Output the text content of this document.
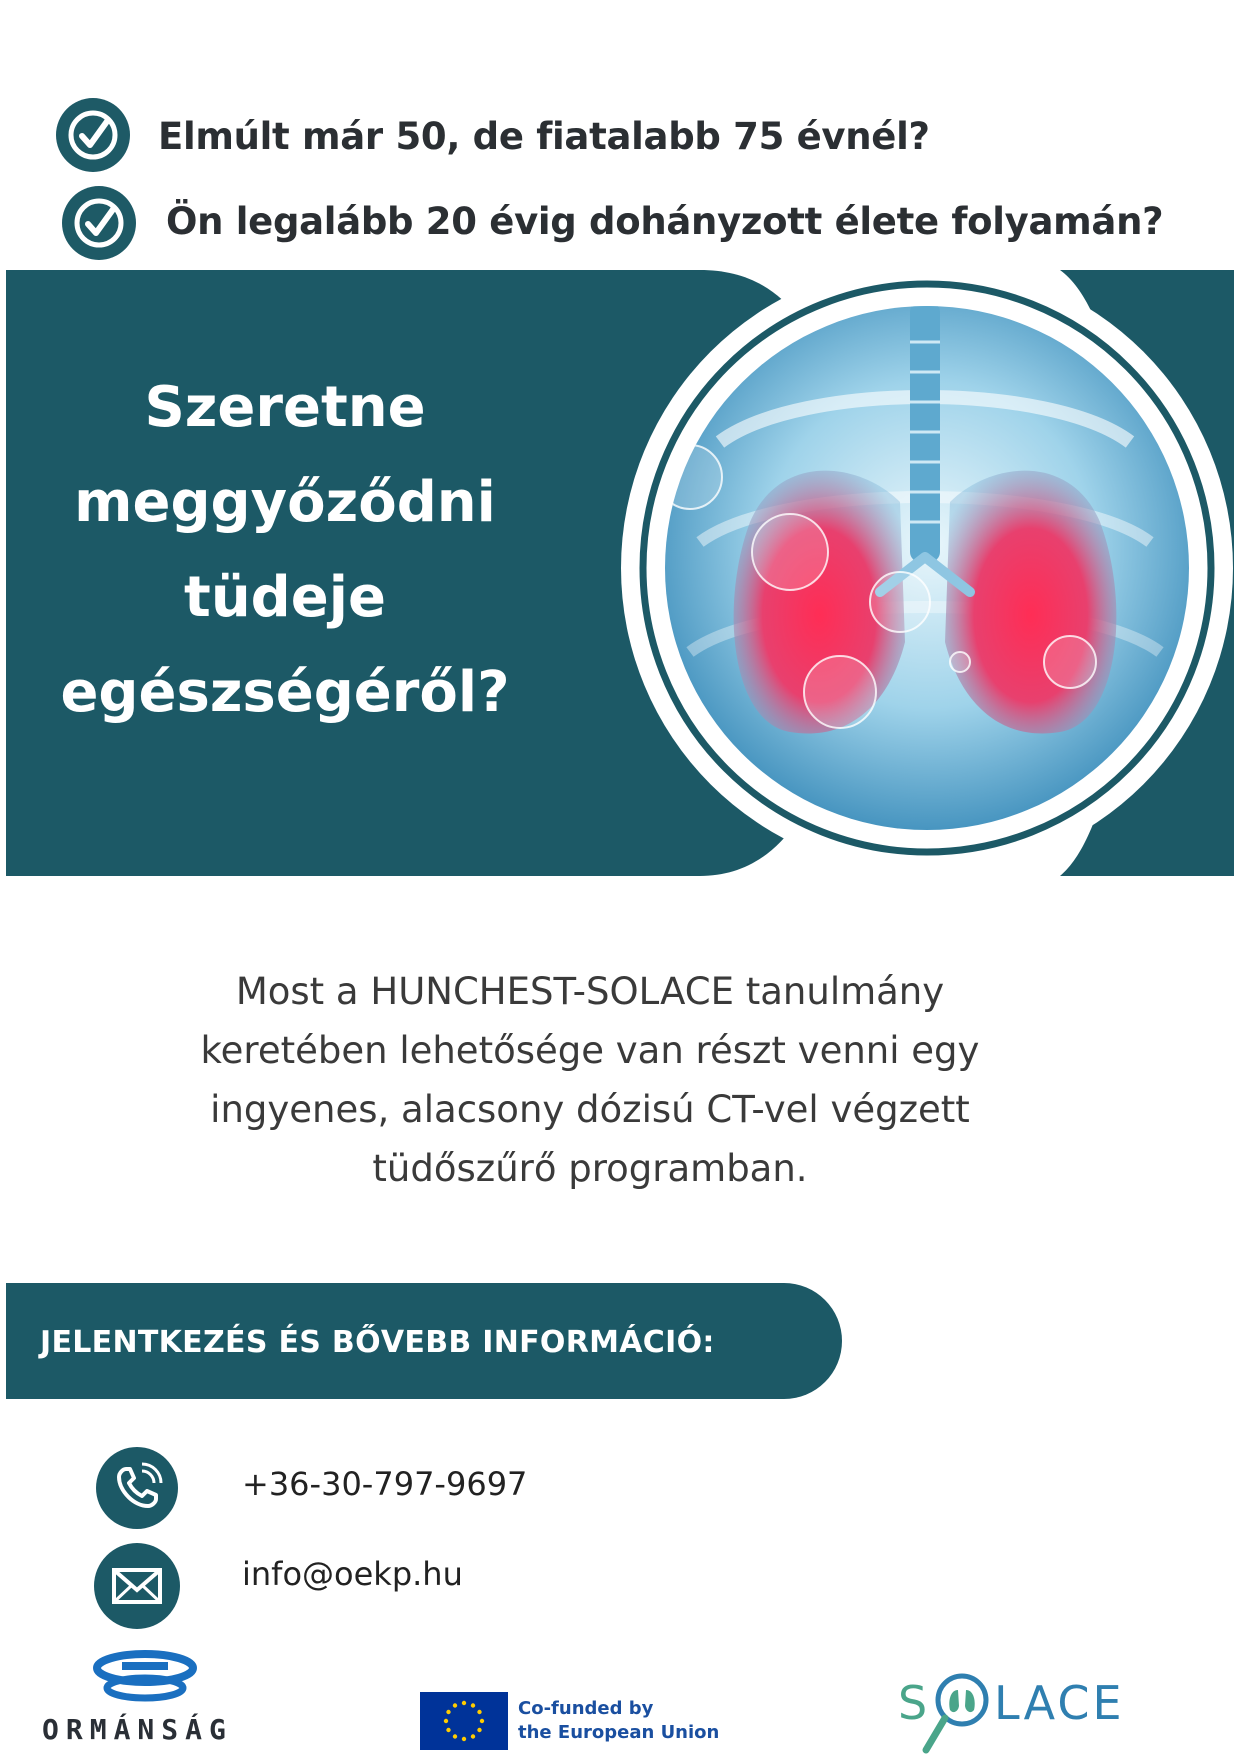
Elmúlt már 50, de fiatalabb 75 évnél?
Ön legalább 20 évig dohányzott élete folyamán?
Szeretne
meggyőződni
tüdeje
egészségéről?
Most a HUNCHEST-SOLACE tanulmány
keretében lehetősége van részt venni egy
ingyenes, alacsony dózisú CT-vel végzett
tüdőszűrő programban.
JELENTKEZÉS ÉS BŐVEBB INFORMÁCIÓ:
+36-30-797-9697
info@oekp.hu
ORMÁNSÁG
Co-funded by
the European Union
S LACE
